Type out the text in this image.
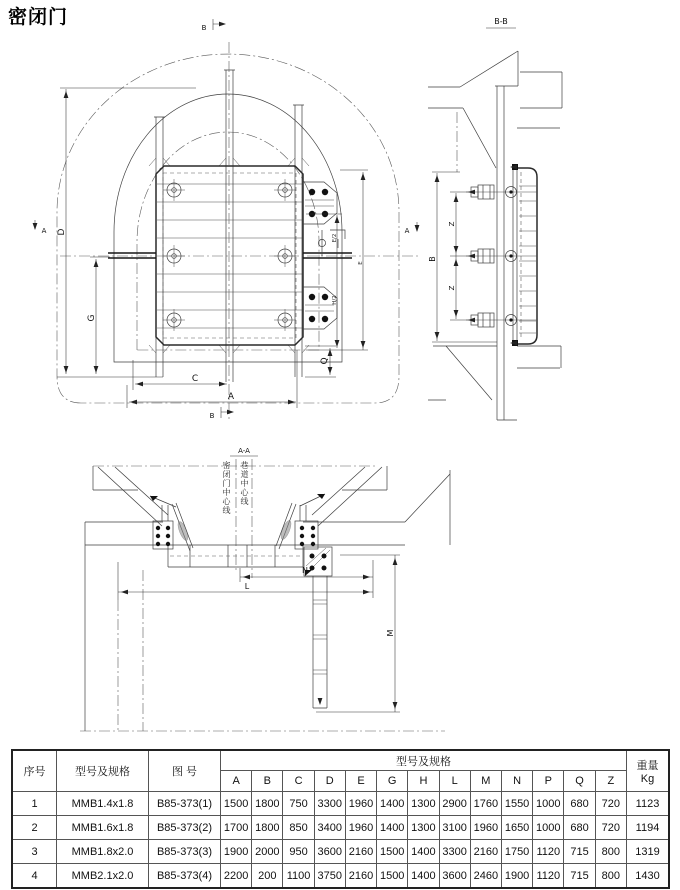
密闭门
D
G
C
A
Q
E/2
H/2
E
B
B
A	A
B-B
B
Z
Z
A-A
L
N
M
密闭门中心线 巷道中心线
序号	型号及规格	图 号	型号及规格													重量
Kg
			A	B	C	D	E	G	H	L	M	N	P	Q	Z	
1	MMB1.4x1.8	B85-373(1)	1500	1800	750	3300	1960	1400	1300	2900	1760	1550	1000	680	720	1123
2	MMB1.6x1.8	B85-373(2)	1700	1800	850	3400	1960	1400	1300	3100	1960	1650	1000	680	720	1194
3	MMB1.8x2.0	B85-373(3)	1900	2000	950	3600	2160	1500	1400	3300	2160	1750	1120	715	800	1319
4	MMB2.1x2.0	B85-373(4)	2200	200	1100	3750	2160	1500	1400	3600	2460	1900	1120	715	800	1430
